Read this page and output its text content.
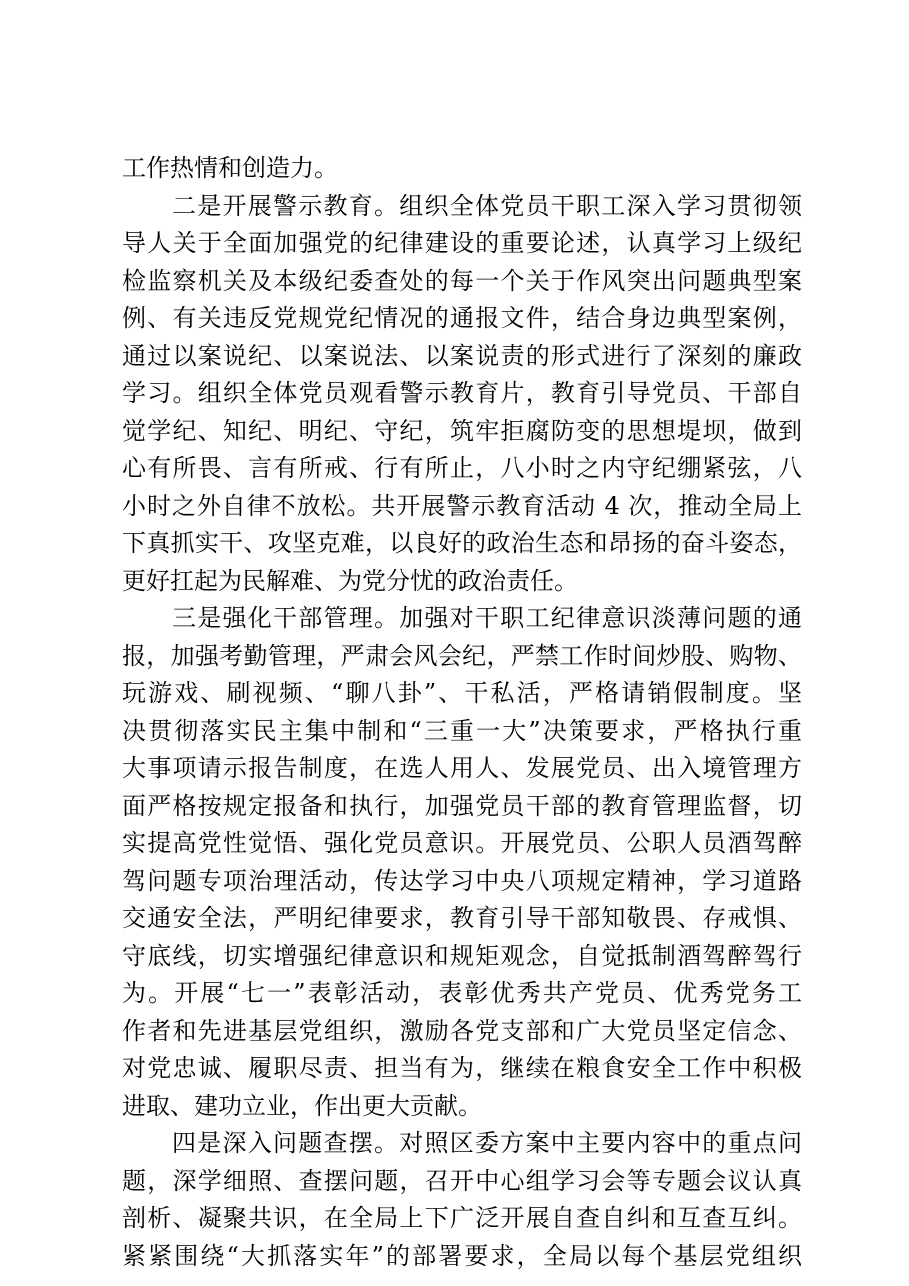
工作热情和创造力。
二是开展警示教育。组织全体党员干职工深入学习贯彻领
导人关于全面加强党的纪律建设的重要论述，认真学习上级纪
检监察机关及本级纪委查处的每一个关于作风突出问题典型案
例、有关违反党规党纪情况的通报文件，结合身边典型案例，
通过以案说纪、以案说法、以案说责的形式进行了深刻的廉政
学习。组织全体党员观看警示教育片，教育引导党员、干部自
觉学纪、知纪、明纪、守纪，筑牢拒腐防变的思想堤坝，做到
心有所畏、言有所戒、行有所止，八小时之内守纪绷紧弦，八
小时之外自律不放松。共开展警示教育活动 4 次，推动全局上
下真抓实干、攻坚克难，以良好的政治生态和昂扬的奋斗姿态，
更好扛起为民解难、为党分忧的政治责任。
三是强化干部管理。加强对干职工纪律意识淡薄问题的通
报，加强考勤管理，严肃会风会纪，严禁工作时间炒股、购物、
玩游戏、刷视频、“聊八卦”、干私活，严格请销假制度。坚
决贯彻落实民主集中制和“三重一大”决策要求，严格执行重
大事项请示报告制度，在选人用人、发展党员、出入境管理方
面严格按规定报备和执行，加强党员干部的教育管理监督，切
实提高党性觉悟、强化党员意识。开展党员、公职人员酒驾醉
驾问题专项治理活动，传达学习中央八项规定精神，学习道路
交通安全法，严明纪律要求，教育引导干部知敬畏、存戒惧、
守底线，切实增强纪律意识和规矩观念，自觉抵制酒驾醉驾行
为。开展“七一”表彰活动，表彰优秀共产党员、优秀党务工
作者和先进基层党组织，激励各党支部和广大党员坚定信念、
对党忠诚、履职尽责、担当有为，继续在粮食安全工作中积极
进取、建功立业，作出更大贡献。
四是深入问题查摆。对照区委方案中主要内容中的重点问
题，深学细照、查摆问题，召开中心组学习会等专题会议认真
剖析、凝聚共识，在全局上下广泛开展自查自纠和互查互纠。
紧紧围绕“大抓落实年”的部署要求，全局以每个基层党组织
